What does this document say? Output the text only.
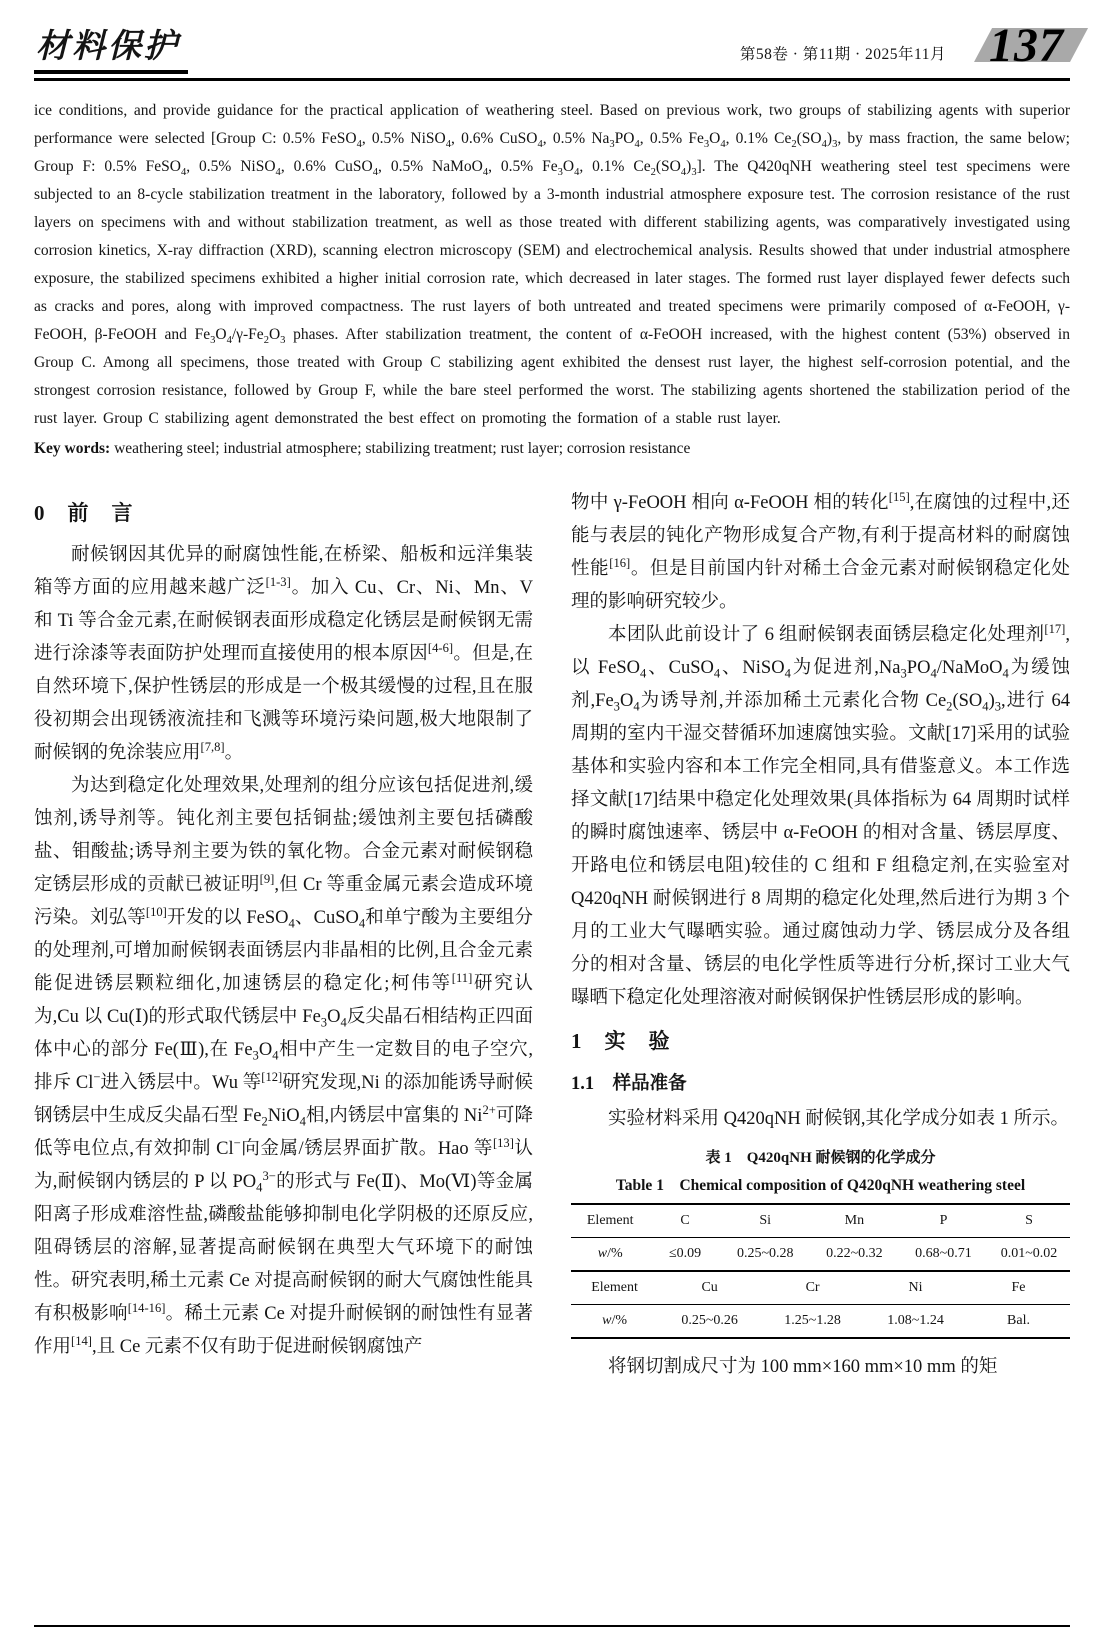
材料保护	第58卷 · 第11期 · 2025年11月 137
ice conditions, and provide guidance for the practical application of weathering steel. Based on previous work, two groups of stabilizing agents with superior performance were selected [Group C: 0.5% FeSO$_4$, 0.5% NiSO$_4$, 0.6% CuSO$_4$, 0.5% $Na_3PO_4$, 0.5% $Fe_3O_4$, 0.1% $Ce_2(SO_4)_3$, by mass fraction, the same below; Group F: 0.5% FeSO$_4$, 0.5% NiSO$_4$, 0.6% CuSO$_4$, 0.5% NaMoO$_4$, 0.5% $Fe_3O_4$, 0.1% $Ce_2(SO_4)_3$]. The Q420qNH weathering steel test specimens were subjected to an 8-cycle stabilization treatment in the laboratory, followed by a 3-month industrial atmosphere exposure test. The corrosion resistance of the rust layers on specimens with and without stabilization treatment, as well as those treated with different stabilizing agents, was comparatively investigated using corrosion kinetics, X-ray diffraction (XRD), scanning electron microscopy (SEM) and electrochemical analysis. Results showed that under industrial atmosphere exposure, the stabilized specimens exhibited a higher initial corrosion rate, which decreased in later stages. The formed rust layer displayed fewer defects such as cracks and pores, along with improved compactness. The rust layers of both untreated and treated specimens were primarily composed of α-FeOOH, γ-FeOOH, β-FeOOH and $Fe_3O_4/\gamma-Fe_2O_3$ phases. After stabilization treatment, the content of α-FeOOH increased, with the highest content (53%) observed in Group C. Among all specimens, those treated with Group C stabilizing agent exhibited the densest rust layer, the highest self-corrosion potential, and the strongest corrosion resistance, followed by Group F, while the bare steel performed the worst. The stabilizing agents shortened the stabilization period of the rust layer. Group C stabilizing agent demonstrated the best effect on promoting the formation of a stable rust layer.
Key words: weathering steel; industrial atmosphere; stabilizing treatment; rust layer; corrosion resistance
0　前　言

耐候钢因其优异的耐腐蚀性能,在桥梁、船板和远洋集装箱等方面的应用越来越广泛[1-3]。加入 Cu、Cr、Ni、Mn、V 和 Ti 等合金元素,在耐候钢表面形成稳定化锈层是耐候钢无需进行涂漆等表面防护处理而直接使用的根本原因[4-6]。但是,在自然环境下,保护性锈层的形成是一个极其缓慢的过程,且在服役初期会出现锈液流挂和飞溅等环境污染问题,极大地限制了耐候钢的免涂装应用[7,8]。

为达到稳定化处理效果,处理剂的组分应该包括促进剂,缓蚀剂,诱导剂等。钝化剂主要包括铜盐;缓蚀剂主要包括磷酸盐、钼酸盐;诱导剂主要为铁的氧化物。合金元素对耐候钢稳定锈层形成的贡献已被证明[9],但 Cr 等重金属元素会造成环境污染。刘弘等[10]开发的以 FeSO$_4$、CuSO$_4$和单宁酸为主要组分的处理剂,可增加耐候钢表面锈层内非晶相的比例,且合金元素能促进锈层颗粒细化,加速锈层的稳定化;柯伟等[11]研究认为,Cu 以 Cu(Ⅰ)的形式取代锈层中 $Fe_3O_4$反尖晶石相结构正四面体中心的部分 Fe(Ⅲ),在 $Fe_3O_4$相中产生一定数目的电子空穴,排斥 Cl−进入锈层中。Wu 等[12]研究发现,Ni 的添加能诱导耐候钢锈层中生成反尖晶石型 $Fe_2NiO_4$相,内锈层中富集的 $Ni^{2+}$可降低等电位点,有效抑制 Cl−向金属/锈层界面扩散。Hao 等[13]认为,耐候钢内锈层的 P 以 $PO_4^{3-}$的形式与 Fe(Ⅱ)、Mo(Ⅵ)等金属阳离子形成难溶性盐,磷酸盐能够抑制电化学阴极的还原反应,阻碍锈层的溶解,显著提高耐候钢在典型大气环境下的耐蚀性。研究表明,稀土元素 Ce 对提高耐候钢的耐大气腐蚀性能具有积极影响[14-16]。稀土元素 Ce 对提升耐候钢的耐蚀性有显著作用[14],且 Ce 元素不仅有助于促进耐候钢腐蚀产

物中 γ-FeOOH 相向 α-FeOOH 相的转化[15],在腐蚀的过程中,还能与表层的钝化产物形成复合产物,有利于提高材料的耐腐蚀性能[16]。但是目前国内针对稀土合金元素对耐候钢稳定化处理的影响研究较少。

本团队此前设计了 6 组耐候钢表面锈层稳定化处理剂[17],以 FeSO$_4$、CuSO$_4$、NiSO$_4$为促进剂$,Na_3PO_4/NaMoO_4$为缓蚀剂$,Fe_3O_4$为诱导剂,并添加稀土元素化合物 $Ce_2(SO_4)_3$,进行 64 周期的室内干湿交替循环加速腐蚀实验。文献[17]采用的试验基体和实验内容和本工作完全相同,具有借鉴意义。本工作选择文献[17]结果中稳定化处理效果(具体指标为 64 周期时试样的瞬时腐蚀速率、锈层中 α-FeOOH 的相对含量、锈层厚度、开路电位和锈层电阻)较佳的 C 组和 F 组稳定剂,在实验室对 Q420qNH 耐候钢进行 8 周期的稳定化处理,然后进行为期 3 个月的工业大气曝晒实验。通过腐蚀动力学、锈层成分及各组分的相对含量、锈层的电化学性质等进行分析,探讨工业大气曝晒下稳定化处理溶液对耐候钢保护性锈层形成的影响。

1　实　验
1.1　样品准备

实验材料采用 Q420qNH 耐候钢,其化学成分如表 1 所示。

表 1　Q420qNH 耐候钢的化学成分
Table 1　Chemical composition of Q420qNH weathering steel
Element	C	Si	Mn	P	S
w/%	≤0.09	0.25~0.28	0.22~0.32	0.68~0.71	0.01~0.02
Element	Cu	Cr	Ni	Fe
w/%	0.25~0.26	1.25~1.28	1.08~1.24	Bal.

将钢切割成尺寸为 100 mm×160 mm×10 mm 的矩
